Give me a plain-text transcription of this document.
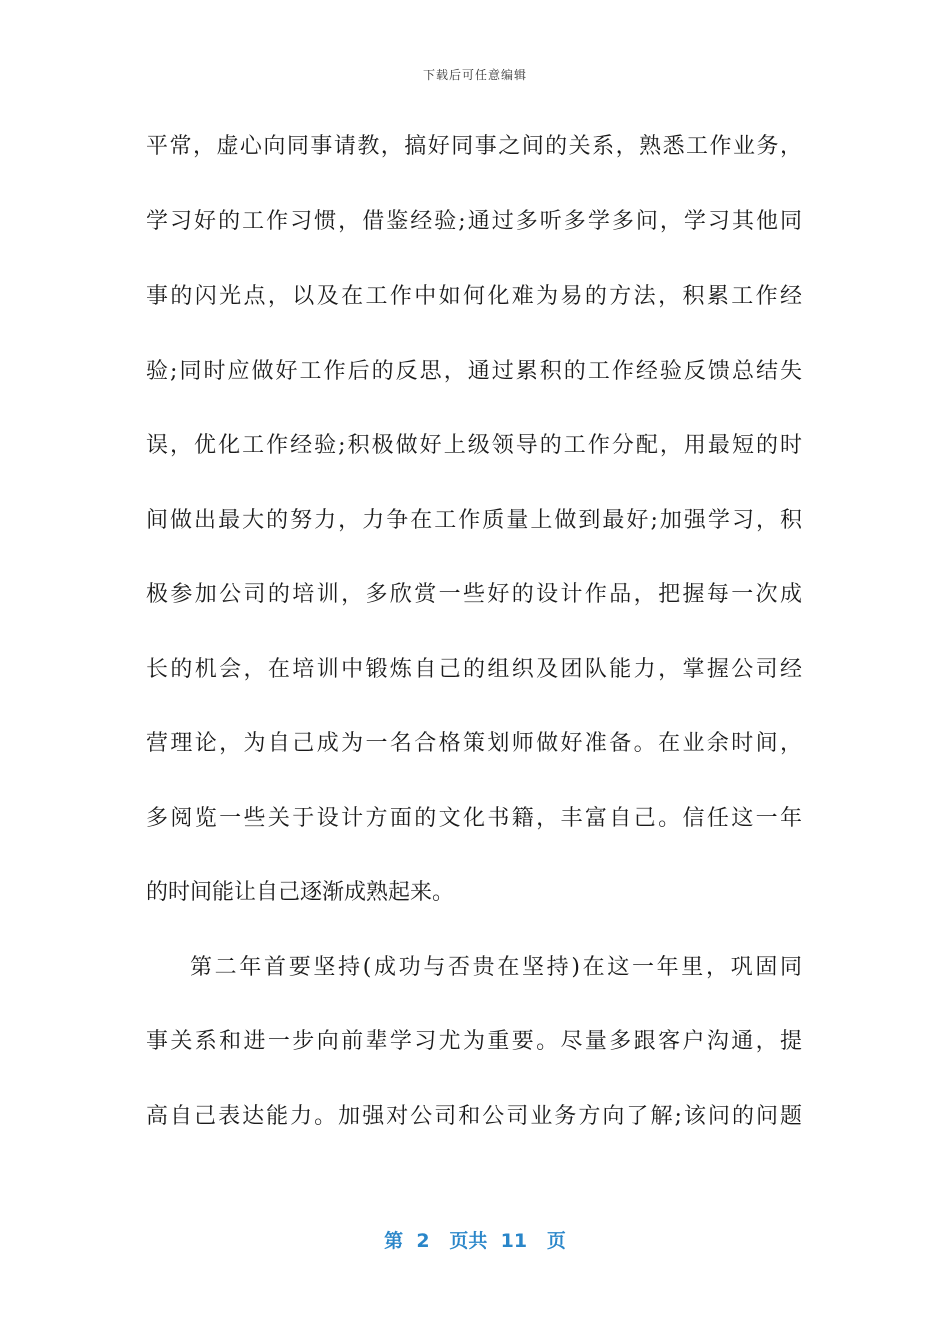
下载后可任意编辑
平常，虚心向同事请教，搞好同事之间的关系，熟悉工作业务，
学习好的工作习惯，借鉴经验;通过多听多学多问，学习其他同
事的闪光点，以及在工作中如何化难为易的方法，积累工作经
验;同时应做好工作后的反思，通过累积的工作经验反馈总结失
误，优化工作经验;积极做好上级领导的工作分配，用最短的时
间做出最大的努力，力争在工作质量上做到最好;加强学习，积
极参加公司的培训，多欣赏一些好的设计作品，把握每一次成
长的机会，在培训中锻炼自己的组织及团队能力，掌握公司经
营理论，为自己成为一名合格策划师做好准备。在业余时间，
多阅览一些关于设计方面的文化书籍，丰富自己。信任这一年
的时间能让自己逐渐成熟起来。
第二年首要坚持(成功与否贵在坚持)在这一年里，巩固同
事关系和进一步向前辈学习尤为重要。尽量多跟客户沟通，提
高自己表达能力。加强对公司和公司业务方向了解;该问的问题
第  2   页共  11   页
